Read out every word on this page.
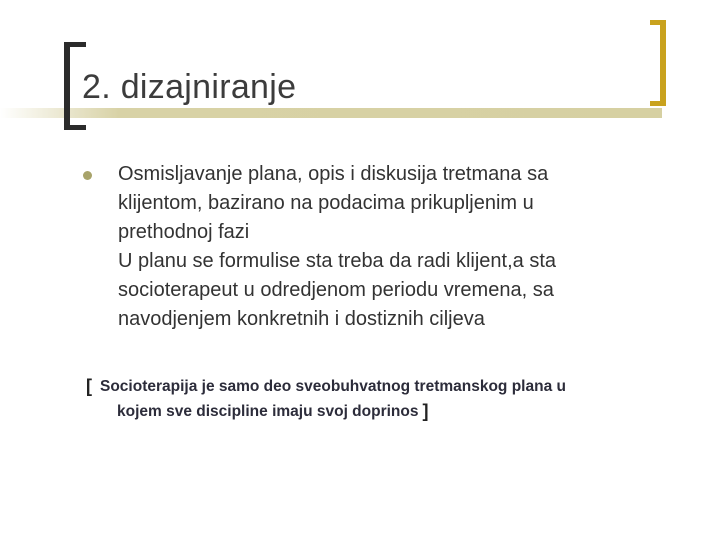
2. dizajniranje

Osmisljavanje plana, opis i diskusija tretmana sa
klijentom, bazirano na podacima prikupljenim u
prethodnoj fazi
U planu se formulise sta treba da radi klijent,a sta
socioterapeut u odredjenom periodu vremena, sa
navodjenjem konkretnih i dostiznih ciljeva

[ Socioterapija je samo deo sveobuhvatnog tretmanskog plana u
kojem sve discipline imaju svoj doprinos ]
